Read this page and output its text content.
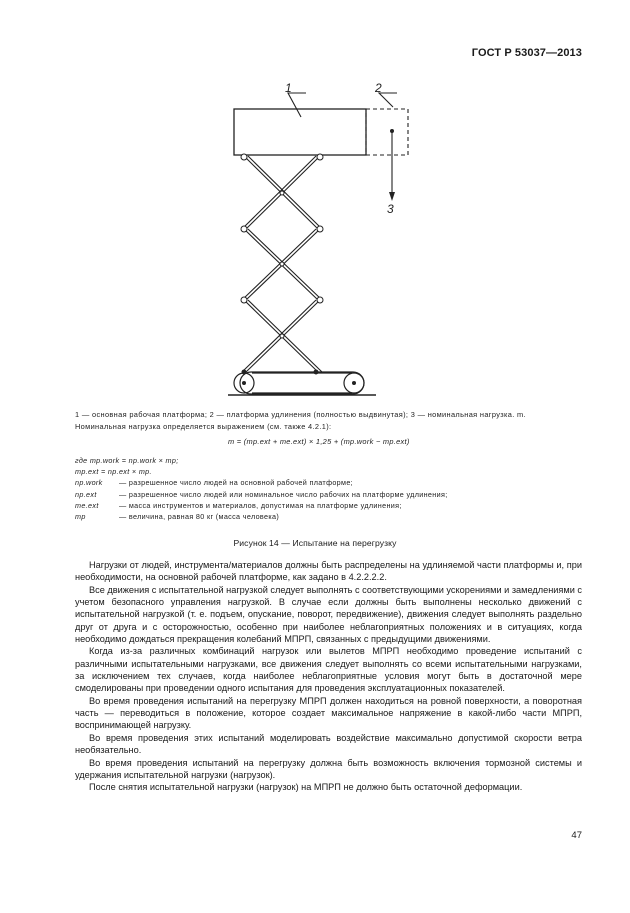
ГОСТ Р 53037—2013
1	2
3
1 — основная рабочая платформа; 2 — платформа удлинения (полностью выдвинутая); 3 — номинальная нагрузка. m. Номинальная нагрузка определяется выражением (см. также 4.2.1):
m = (mp.ext + me.ext) × 1,25 + (mp.work − mp.ext)
где mp.work = np.work × mp;
mp.ext = np.ext × mp.
np.work	— разрешенное число людей на основной рабочей платформе;
np.ext	— разрешенное число людей или номинальное число рабочих на платформе удлинения;
me.ext	— масса инструментов и материалов, допустимая на платформе удлинения;
mp	— величина, равная 80 кг (масса человека)
Рисунок 14 — Испытание на перегрузку

Нагрузки от людей, инструмента/материалов должны быть распределены на удлиняемой части платформы и, при необходимости, на основной рабочей платформе, как задано в 4.2.2.2.2.

Все движения с испытательной нагрузкой следует выполнять с соответствующими ускорениями и замедлениями с учетом безопасного управления нагрузкой. В случае если должны быть выполнены несколько движений с испытательной нагрузкой (т. е. подъем, опускание, поворот, передвижение), движения следует выполнять раздельно друг от друга и с осторожностью, особенно при наиболее неблагоприятных положениях и в ситуациях, когда необходимо дождаться прекращения колебаний МПРП, связанных с предыдущими движениями.

Когда из-за различных комбинаций нагрузок или вылетов МПРП необходимо проведение испытаний с различными испытательными нагрузками, все движения следует выполнять со всеми испытательными нагрузками, за исключением тех случаев, когда наиболее неблагоприятные условия могут быть в достаточной мере смоделированы при проведении одного испытания для проведения эксплуатационных показателей.

Во время проведения испытаний на перегрузку МПРП должен находиться на ровной поверхности, а поворотная часть — переводиться в положение, которое создает максимальное напряжение в какой-либо части МПРП, воспринимающей нагрузку.

Во время проведения этих испытаний моделировать воздействие максимально допустимой скорости ветра необязательно.

Во время проведения испытаний на перегрузку должна быть возможность включения тормозной системы и удержания испытательной нагрузки (нагрузок).

После снятия испытательной нагрузки (нагрузок) на МПРП не должно быть остаточной деформации.

47
